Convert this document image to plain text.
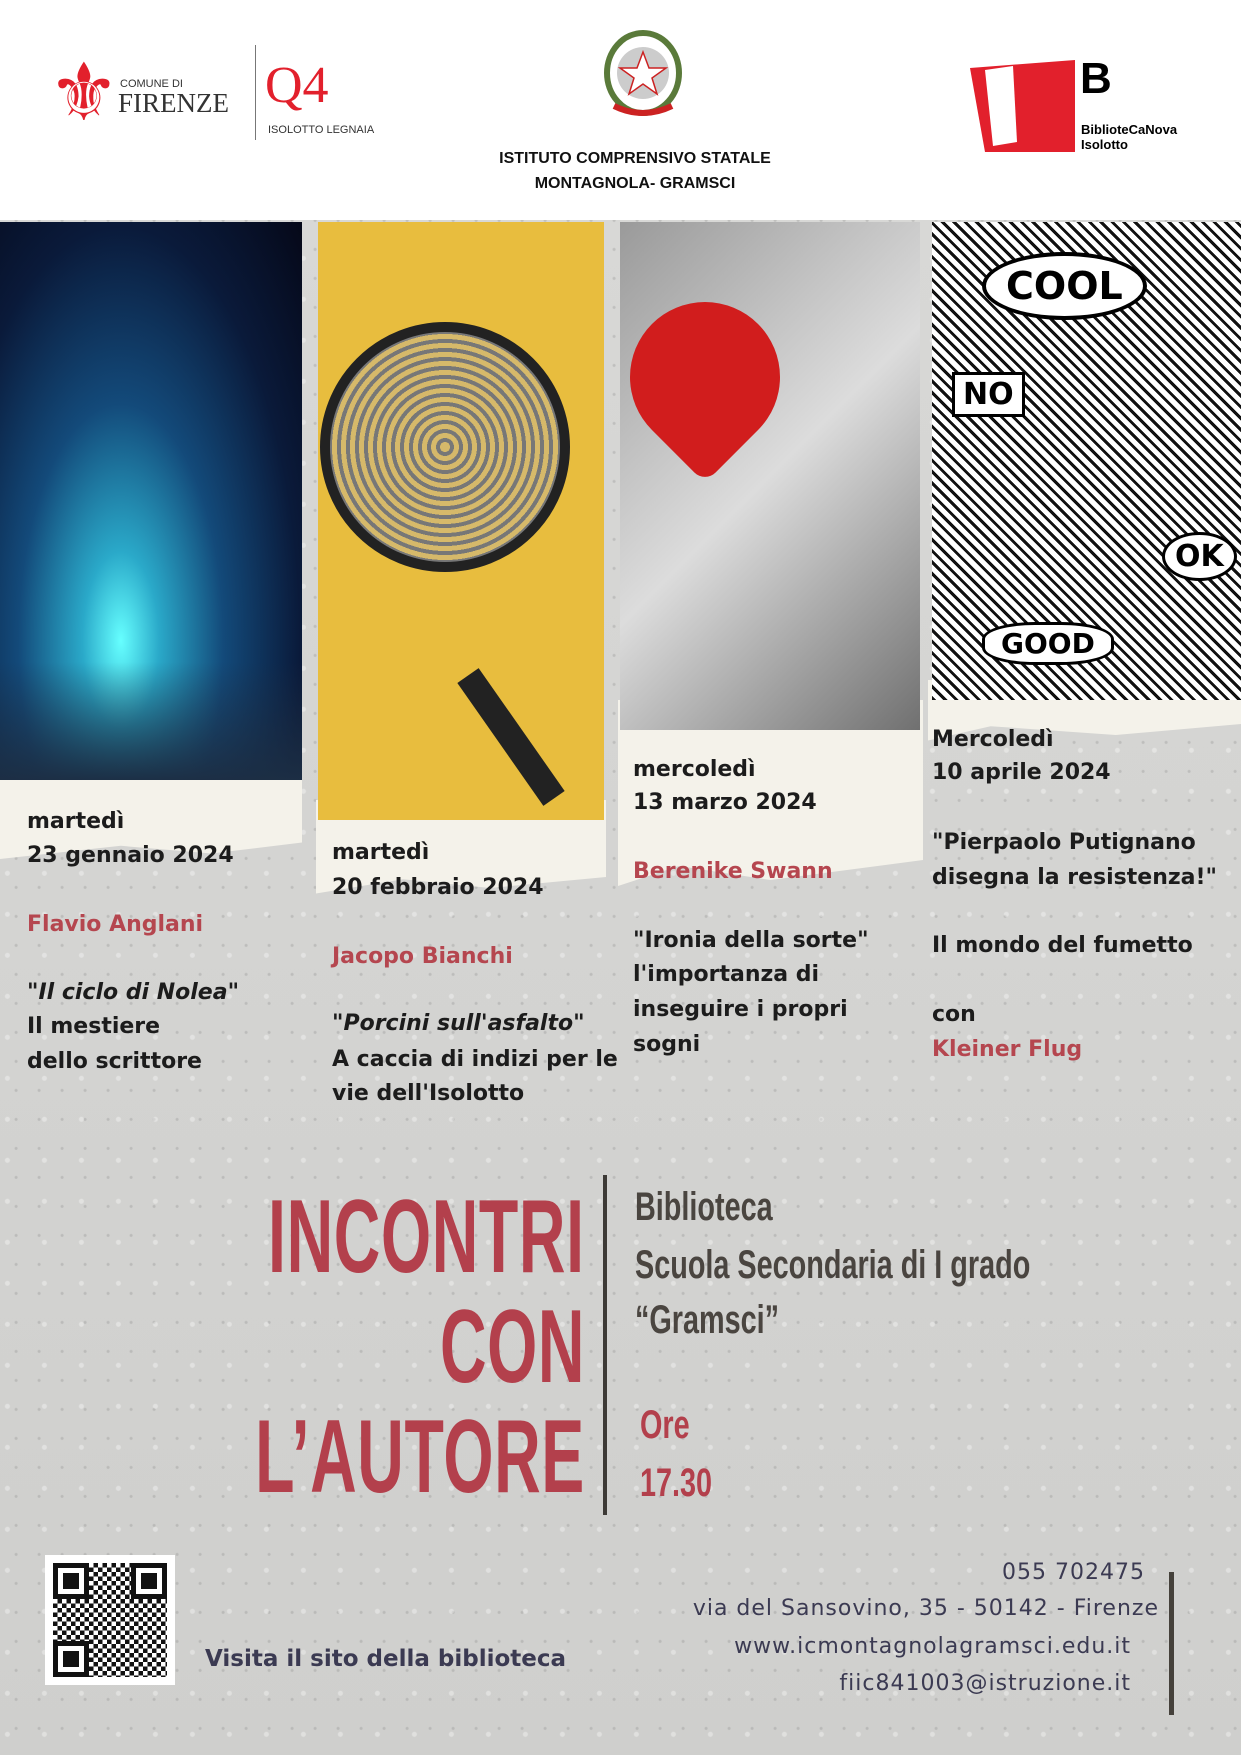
⚜ COMUNE DI
FIRENZE Q4
ISOLOTTO LEGNAIA
ISTITUTO COMPRENSIVO STATALE
MONTAGNOLA- GRAMSCI
B
BiblioteCaNova
Isolotto
COOL
NO
OK
GOOD
martedì
23 gennaio 2024
Flavio Anglani
"Il ciclo di Nolea"
Il mestiere
dello scrittore
martedì
20 febbraio 2024
Jacopo Bianchi
"Porcini sull'asfalto"
A caccia di indizi per le
vie dell'Isolotto
mercoledì
13 marzo 2024
Berenike Swann
"Ironia della sorte"
l'importanza di
inseguire i propri
sogni
Mercoledì
10 aprile 2024
"Pierpaolo Putignano
disegna la resistenza!"
Il mondo del fumetto
con
Kleiner Flug
INCONTRI
CON
L’AUTORE
Biblioteca
Scuola Secondaria di I grado
“Gramsci”
Ore
17.30
Visita il sito della biblioteca
055 702475
via del Sansovino, 35 - 50142 - Firenze
www.icmontagnolagramsci.edu.it
fiic841003@istruzione.it
